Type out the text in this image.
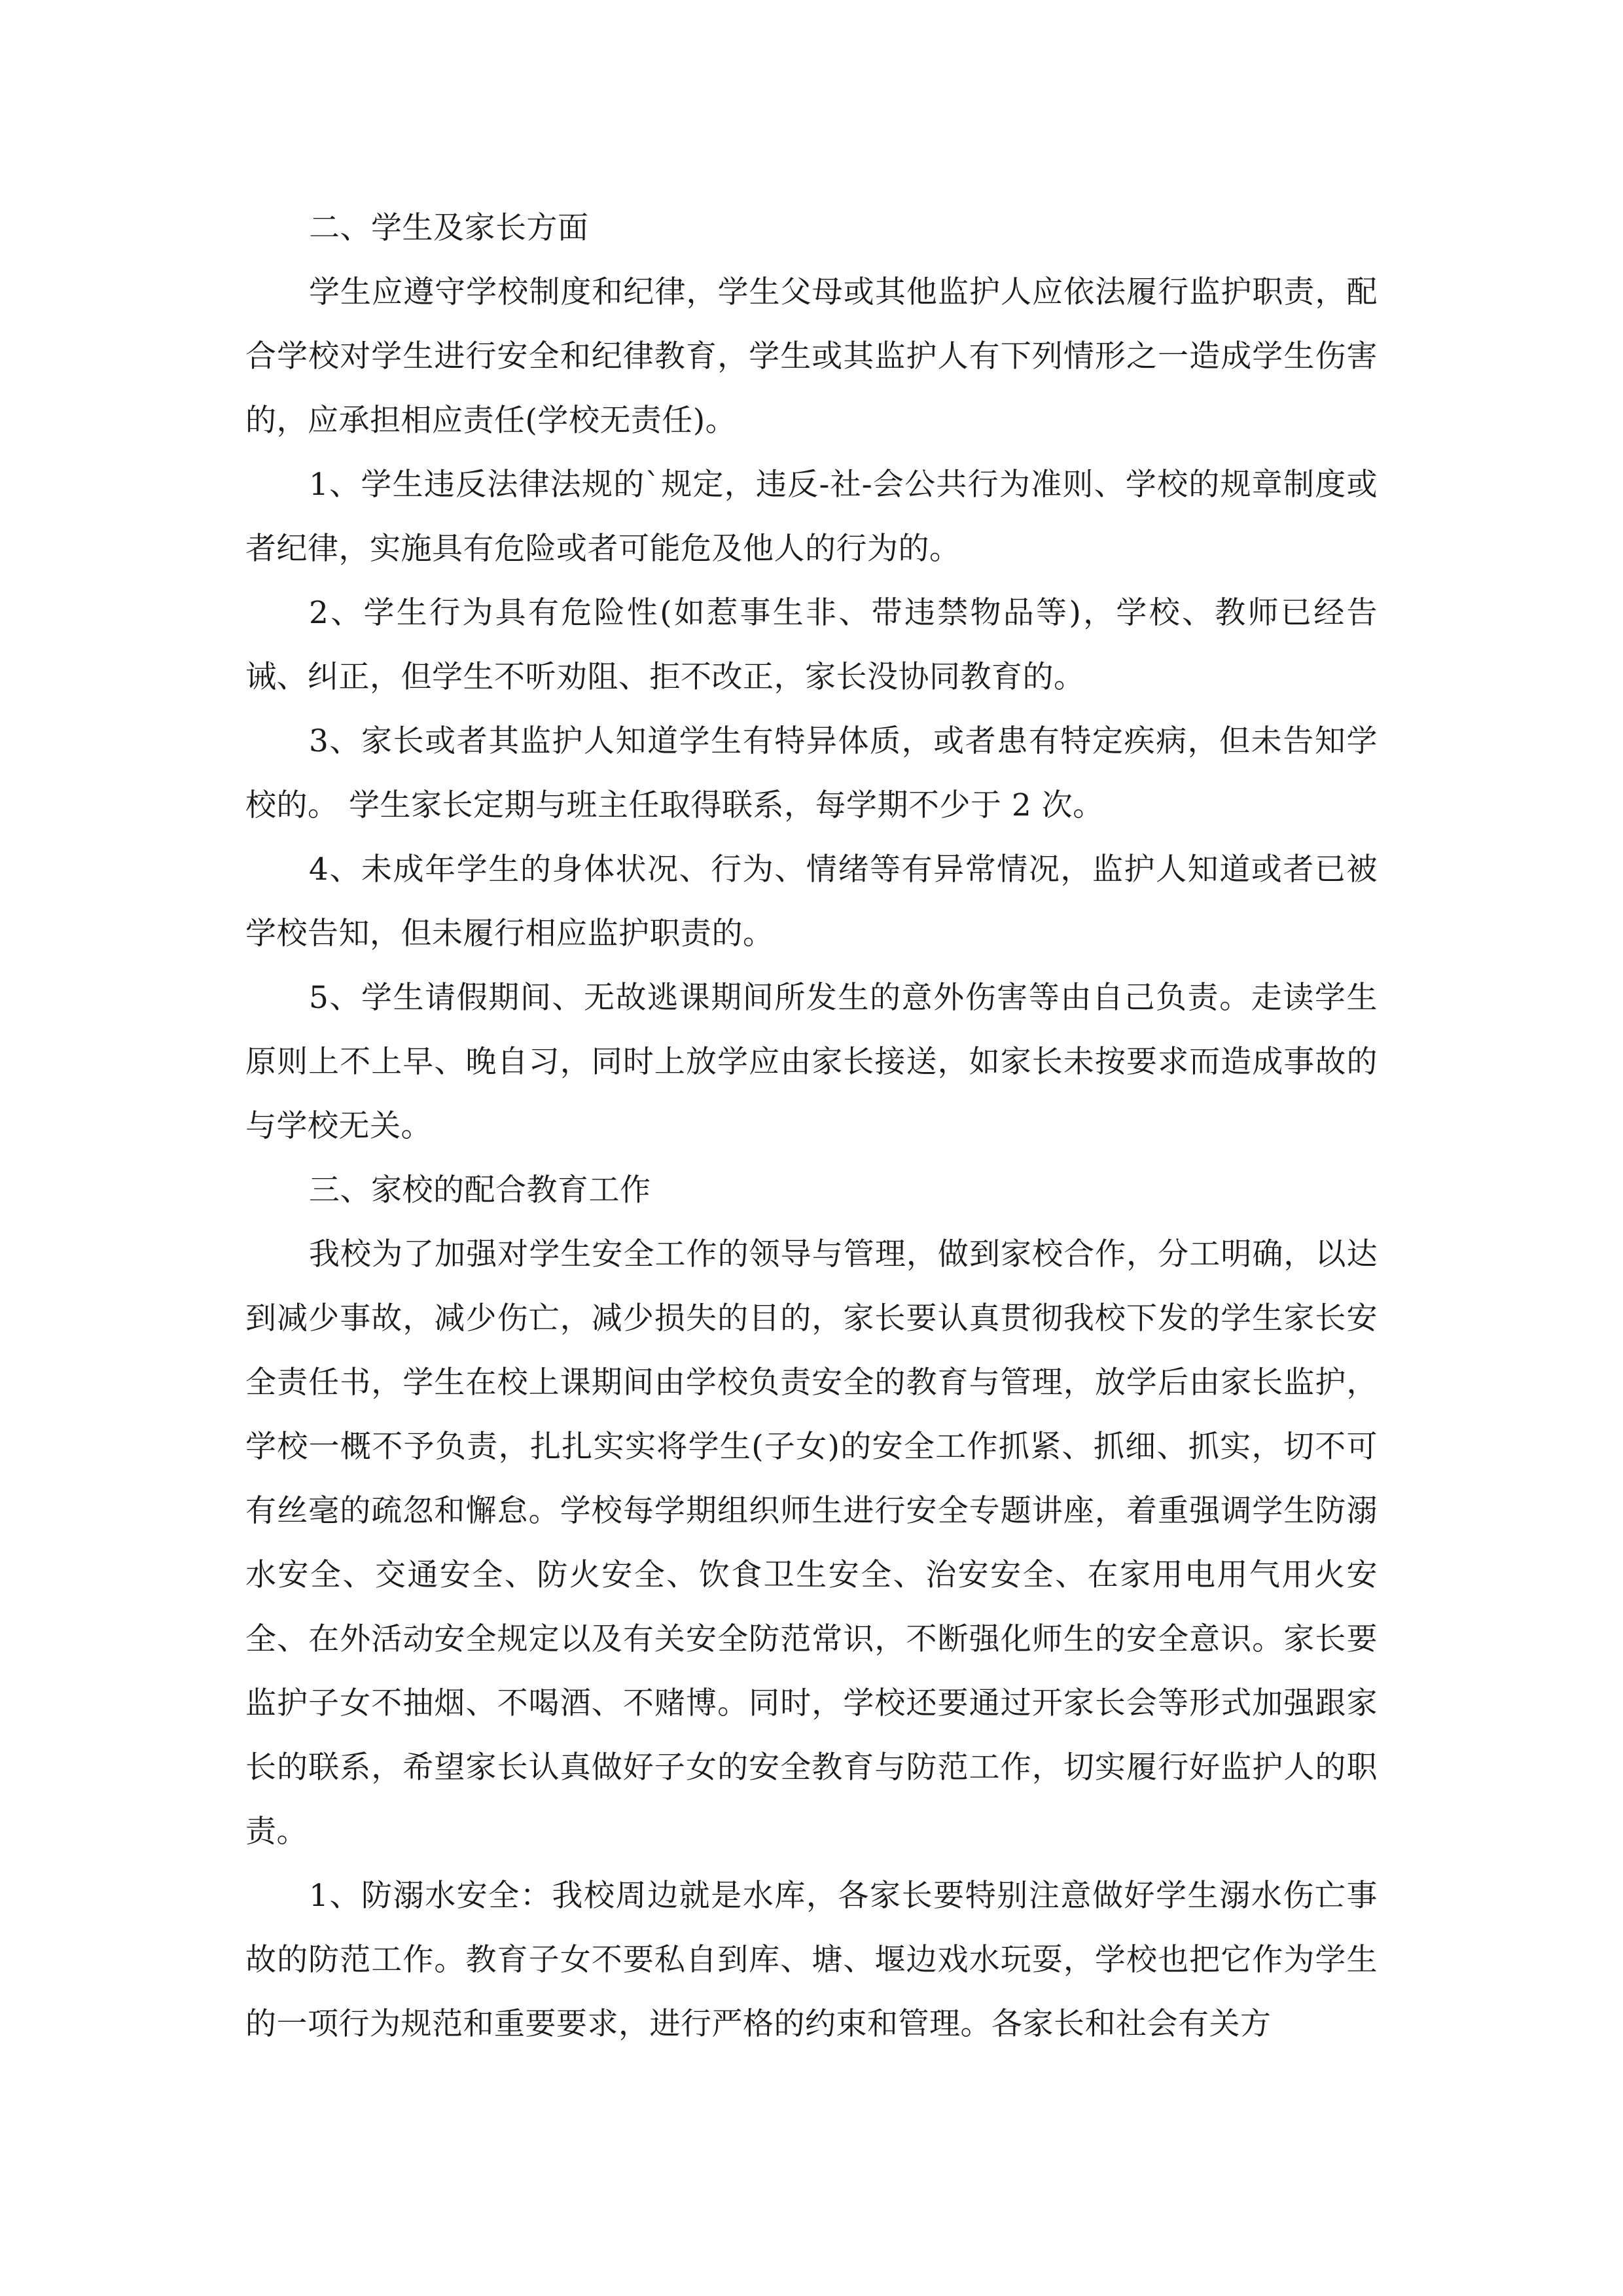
二、学生及家长方面

学生应遵守学校制度和纪律，学生父母或其他监护人应依法履行监护职责，配合学校对学生进行安全和纪律教育，学生或其监护人有下列情形之一造成学生伤害的，应承担相应责任(学校无责任)。

1、学生违反法律法规的`规定，违反-社-会公共行为准则、学校的规章制度或者纪律，实施具有危险或者可能危及他人的行为的。

2、学生行为具有危险性(如惹事生非、带违禁物品等)，学校、教师已经告诫、纠正，但学生不听劝阻、拒不改正，家长没协同教育的。

3、家长或者其监护人知道学生有特异体质，或者患有特定疾病，但未告知学校的。 学生家长定期与班主任取得联系，每学期不少于 2 次。

4、未成年学生的身体状况、行为、情绪等有异常情况，监护人知道或者已被学校告知，但未履行相应监护职责的。

5、学生请假期间、无故逃课期间所发生的意外伤害等由自己负责。走读学生原则上不上早、晚自习，同时上放学应由家长接送，如家长未按要求而造成事故的与学校无关。

三、家校的配合教育工作

我校为了加强对学生安全工作的领导与管理，做到家校合作，分工明确，以达到减少事故，减少伤亡，减少损失的目的，家长要认真贯彻我校下发的学生家长安全责任书，学生在校上课期间由学校负责安全的教育与管理，放学后由家长监护，学校一概不予负责，扎扎实实将学生(子女)的安全工作抓紧、抓细、抓实，切不可有丝毫的疏忽和懈怠。学校每学期组织师生进行安全专题讲座，着重强调学生防溺水安全、交通安全、防火安全、饮食卫生安全、治安安全、在家用电用气用火安全、在外活动安全规定以及有关安全防范常识，不断强化师生的安全意识。家长要监护子女不抽烟、不喝酒、不赌博。同时，学校还要通过开家长会等形式加强跟家长的联系，希望家长认真做好子女的安全教育与防范工作，切实履行好监护人的职责。

1、防溺水安全：我校周边就是水库，各家长要特别注意做好学生溺水伤亡事故的防范工作。教育子女不要私自到库、塘、堰边戏水玩耍，学校也把它作为学生的一项行为规范和重要要求，进行严格的约束和管理。各家长和社会有关方
